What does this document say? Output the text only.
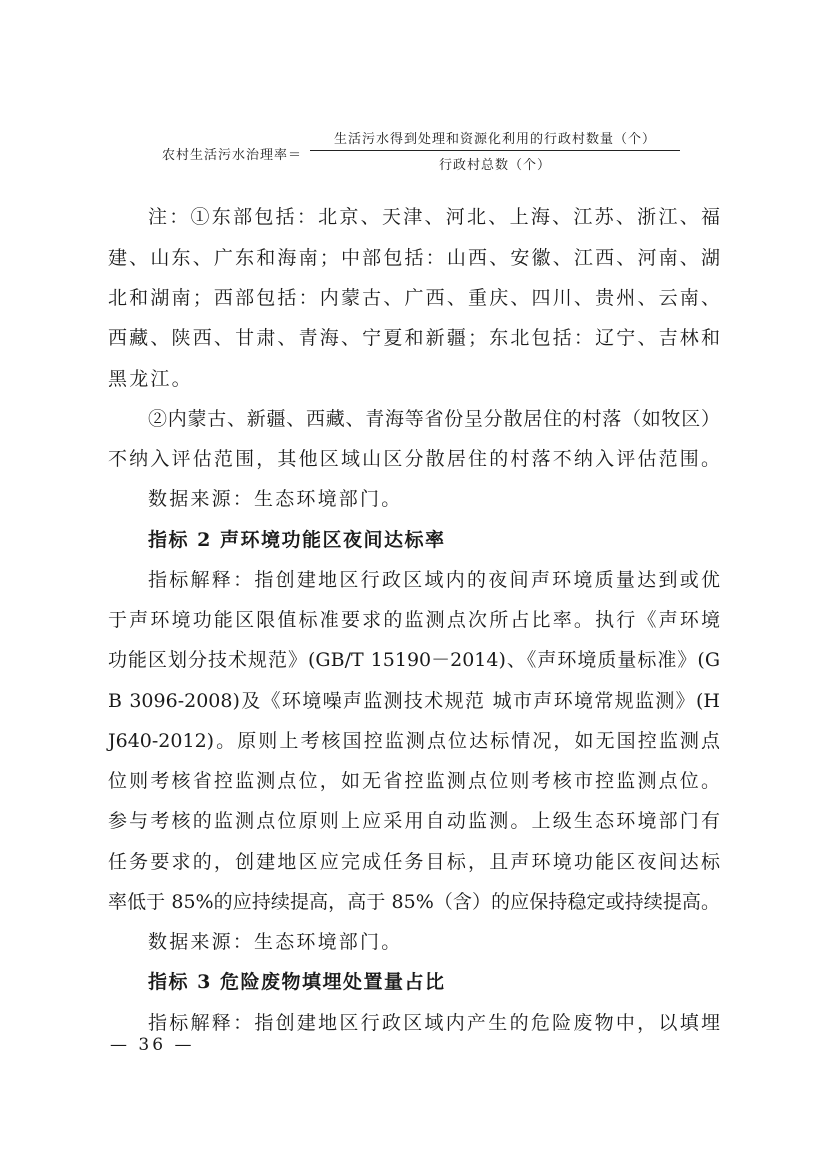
农村生活污水治理率＝
生活污水得到处理和资源化利用的行政村数量（个）
行政村总数（个）
注：①东部包括：北京、天津、河北、上海、江苏、浙江、福
建、山东、广东和海南；中部包括：山西、安徽、江西、河南、湖
北和湖南；西部包括：内蒙古、广西、重庆、四川、贵州、云南、
西藏、陕西、甘肃、青海、宁夏和新疆；东北包括：辽宁、吉林和
黑龙江。
②内蒙古、新疆、西藏、青海等省份呈分散居住的村落（如牧区）
不纳入评估范围，其他区域山区分散居住的村落不纳入评估范围。
数据来源：生态环境部门。
指标 2 声环境功能区夜间达标率
指标解释：指创建地区行政区域内的夜间声环境质量达到或优
于声环境功能区限值标准要求的监测点次所占比率。执行《声环境
功能区划分技术规范》(GB/T 15190－2014)、《声环境质量标准》(G
B 3096-2008)及《环境噪声监测技术规范 城市声环境常规监测》(H
J640-2012)。原则上考核国控监测点位达标情况，如无国控监测点
位则考核省控监测点位，如无省控监测点位则考核市控监测点位。
参与考核的监测点位原则上应采用自动监测。上级生态环境部门有
任务要求的，创建地区应完成任务目标，且声环境功能区夜间达标
率低于 85%的应持续提高，高于 85%（含）的应保持稳定或持续提高。
数据来源：生态环境部门。
指标 3 危险废物填埋处置量占比
指标解释：指创建地区行政区域内产生的危险废物中，以填埋
— 36 —
